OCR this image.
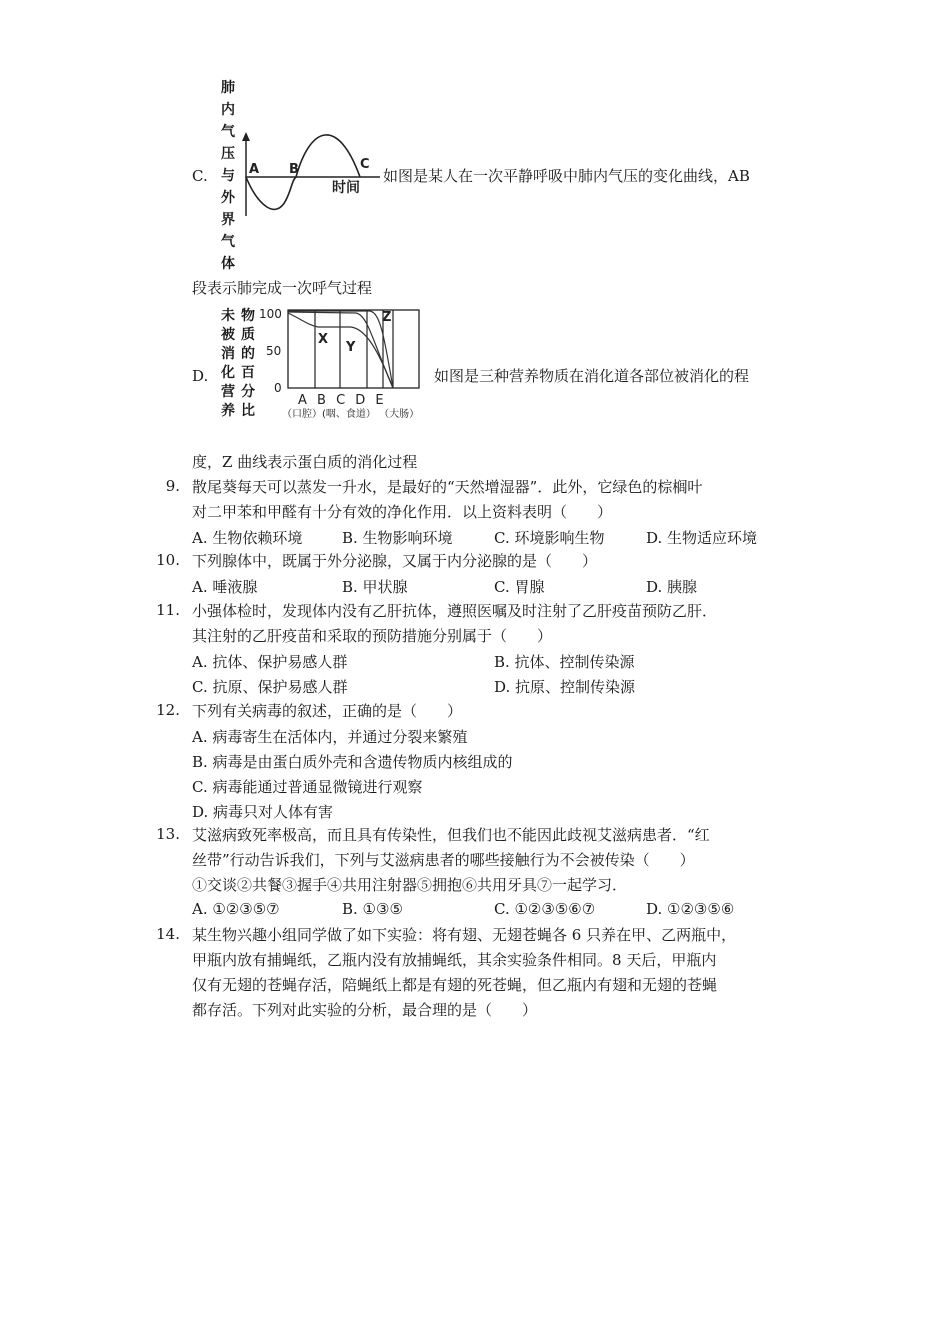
C.
肺
内
气
压
与
外
界
气
体
A B	C
时间
如图是某人在一次平静呼吸中肺内气压的变化曲线，AB
段表示肺完成一次呼气过程
D.
未
被
消
化
营
养
物
质
的
百
分
比
100
50
0
X
Y
Z
A B C D E
（口腔）(咽、食道） （大肠）
如图是三种营养物质在消化道各部位被消化的程
度，Z 曲线表示蛋白质的消化过程
9. 散尾葵每天可以蒸发一升水，是最好的“天然增湿器”．此外，它绿色的棕榈叶
对二甲苯和甲醛有十分有效的净化作用．以上资料表明（　　）
A. 生物依赖环境	B. 生物影响环境	C. 环境影响生物	D. 生物适应环境
10. 下列腺体中，既属于外分泌腺，又属于内分泌腺的是（　　）
A. 唾液腺	B. 甲状腺	C. 胃腺	D. 胰腺
11. 小强体检时，发现体内没有乙肝抗体，遵照医嘱及时注射了乙肝疫苗预防乙肝．
其注射的乙肝疫苗和采取的预防措施分别属于（　　）
A. 抗体、保护易感人群	B. 抗体、控制传染源
C. 抗原、保护易感人群	D. 抗原、控制传染源
12. 下列有关病毒的叙述，正确的是（　　）
A. 病毒寄生在活体内，并通过分裂来繁殖
B. 病毒是由蛋白质外壳和含遗传物质内核组成的
C. 病毒能通过普通显微镜进行观察
D. 病毒只对人体有害
13. 艾滋病致死率极高，而且具有传染性，但我们也不能因此歧视艾滋病患者．“红
丝带”行动告诉我们，下列与艾滋病患者的哪些接触行为不会被传染（　　）
①交谈②共餐③握手④共用注射器⑤拥抱⑥共用牙具⑦一起学习．
A. ①②③⑤⑦	B. ①③⑤	C. ①②③⑤⑥⑦	D. ①②③⑤⑥
14. 某生物兴趣小组同学做了如下实验：将有翅、无翅苍蝇各 6 只养在甲、乙两瓶中，
甲瓶内放有捕蝇纸，乙瓶内没有放捕蝇纸，其余实验条件相同。8 天后，甲瓶内
仅有无翅的苍蝇存活，陪蝇纸上都是有翅的死苍蝇，但乙瓶内有翅和无翅的苍蝇
都存活。下列对此实验的分析，最合理的是（　　）
